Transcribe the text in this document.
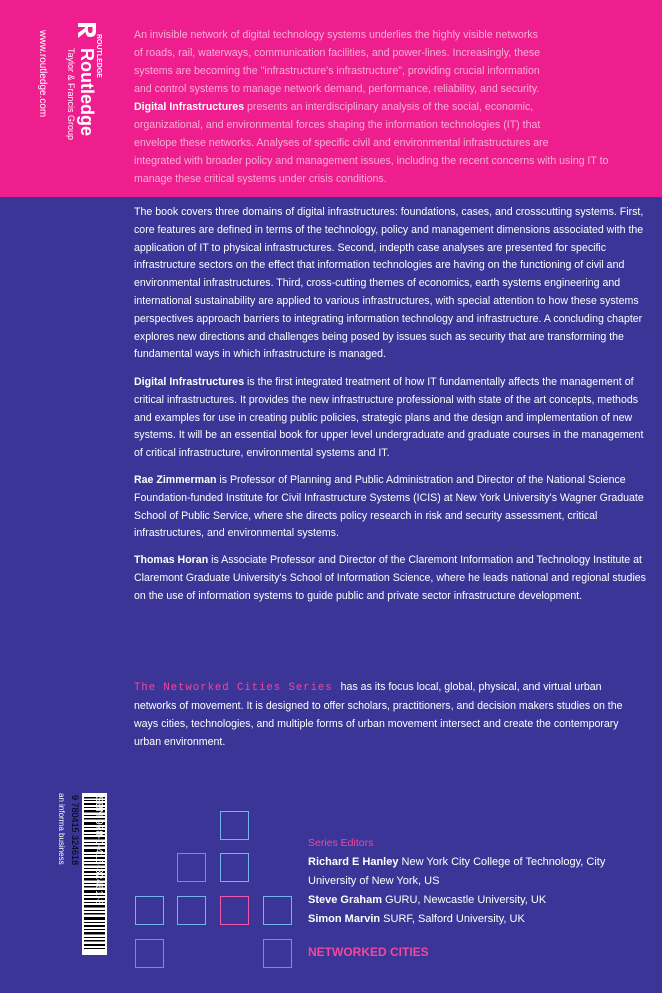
Routledge
Taylor & Francis Group
www.routledge.com	ROUTLEDGE	An invisible network of digital technology systems underlies the highly visible networks
of roads, rail, waterways, communication facilities, and power-lines. Increasingly, these
systems are becoming the "infrastructure's infrastructure", providing crucial information
and control systems to manage network demand, performance, reliability, and security.
Digital Infrastructures presents an interdisciplinary analysis of the social, economic,
organizational, and environmental forces shaping the information technologies (IT) that
envelope these networks. Analyses of specific civil and environmental infrastructures are
integrated with broader policy and management issues, including the recent concerns with using IT to
manage these critical systems under crisis conditions.
The book covers three domains of digital infrastructures: foundations, cases, and crosscutting systems. First, core features are defined in terms of the technology, policy and management dimensions associated with the application of IT to physical infrastructures. Second, indepth case analyses are presented for specific infrastructure sectors on the effect that information technologies are having on the functioning of civil and environmental infrastructures. Third, cross-cutting themes of economics, earth systems engineering and international sustainability are applied to various infrastructures, with special attention to how these systems perspectives approach barriers to integrating information technology and infrastructure. A concluding chapter explores new directions and challenges being posed by issues such as security that are transforming the fundamental ways in which infrastructure is managed.
Digital Infrastructures is the first integrated treatment of how IT fundamentally affects the management of critical infrastructures. It provides the new infrastructure professional with state of the art concepts, methods and examples for use in creating public policies, strategic plans and the design and implementation of new systems. It will be an essential book for upper level undergraduate and graduate courses in the management of critical infrastructure, environmental systems and IT.
Rae Zimmerman is Professor of Planning and Public Administration and Director of the National Science Foundation-funded Institute for Civil Infrastructure Systems (ICIS) at New York University's Wagner Graduate School of Public Service, where she directs policy research in risk and security assessment, critical infrastructures, and environmental systems.
Thomas Horan is Associate Professor and Director of the Claremont Information and Technology Institute at Claremont Graduate University's School of Information Science, where he leads national and regional studies on the use of information systems to guide public and private sector infrastructure development.
The Networked Cities Series has as its focus local, global, physical, and virtual urban networks of movement. It is designed to offer scholars, practitioners, and decision makers studies on the ways cities, technologies, and multiple forms of urban movement intersect and create the contemporary urban environment.
an informa business 9 780415 324618 ISBN 978-0-415-32461-8	Series Editors
Richard E Hanley New York City College of Technology, City University of New York, US
Steve Graham GURU, Newcastle University, UK
Simon Marvin SURF, Salford University, UK
NETWORKED CITIES
